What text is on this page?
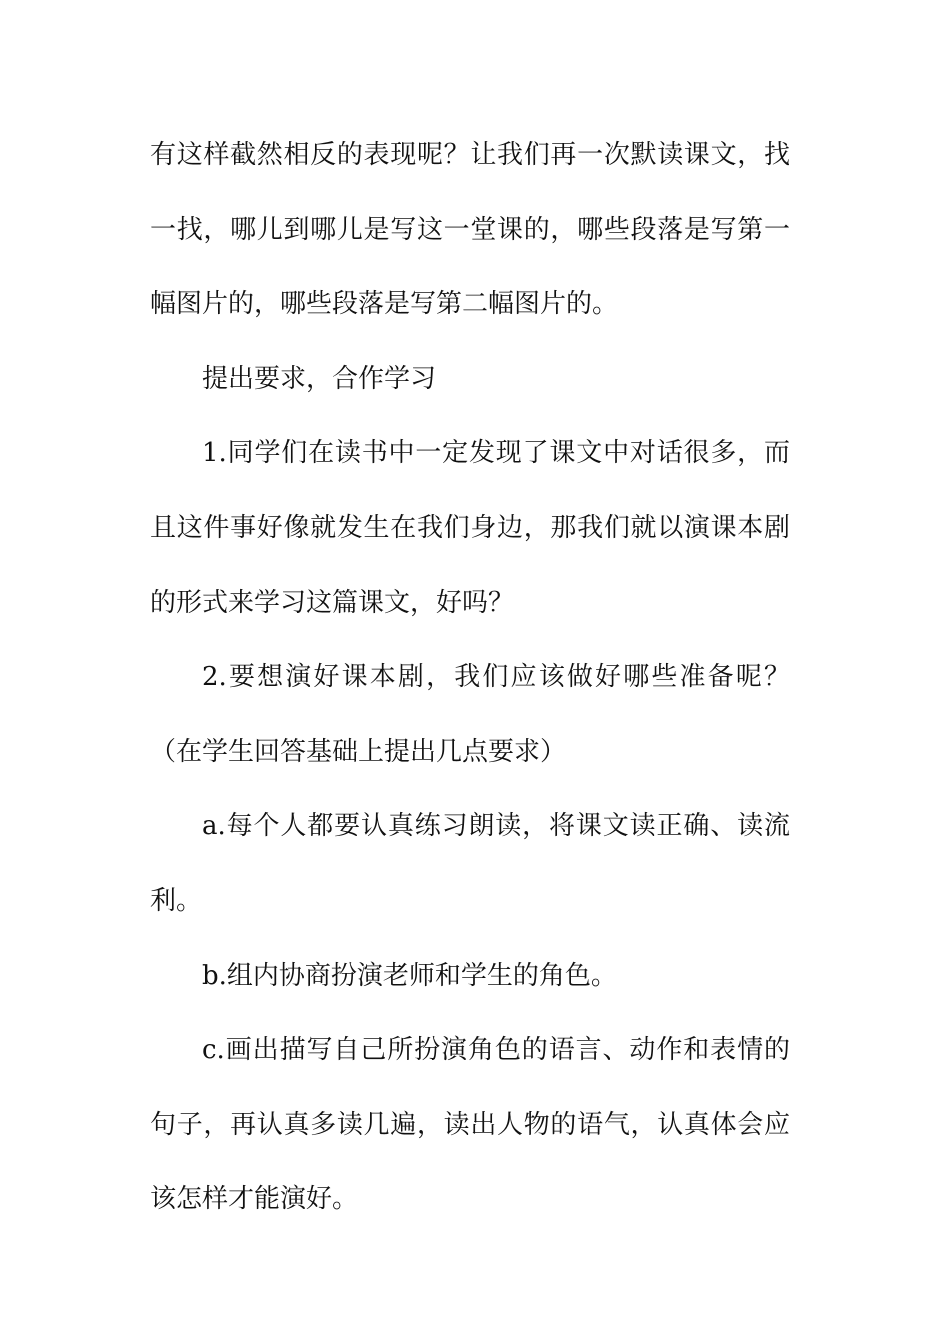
有这样截然相反的表现呢？让我们再一次默读课文，找一找，哪儿到哪儿是写这一堂课的，哪些段落是写第一幅图片的，哪些段落是写第二幅图片的。

提出要求，合作学习

1.同学们在读书中一定发现了课文中对话很多，而且这件事好像就发生在我们身边，那我们就以演课本剧的形式来学习这篇课文，好吗？

2.要想演好课本剧，我们应该做好哪些准备呢？（在学生回答基础上提出几点要求）

a.每个人都要认真练习朗读，将课文读正确、读流利。

b.组内协商扮演老师和学生的角色。

c.画出描写自己所扮演角色的语言、动作和表情的句子，再认真多读几遍，读出人物的语气，认真体会应该怎样才能演好。
